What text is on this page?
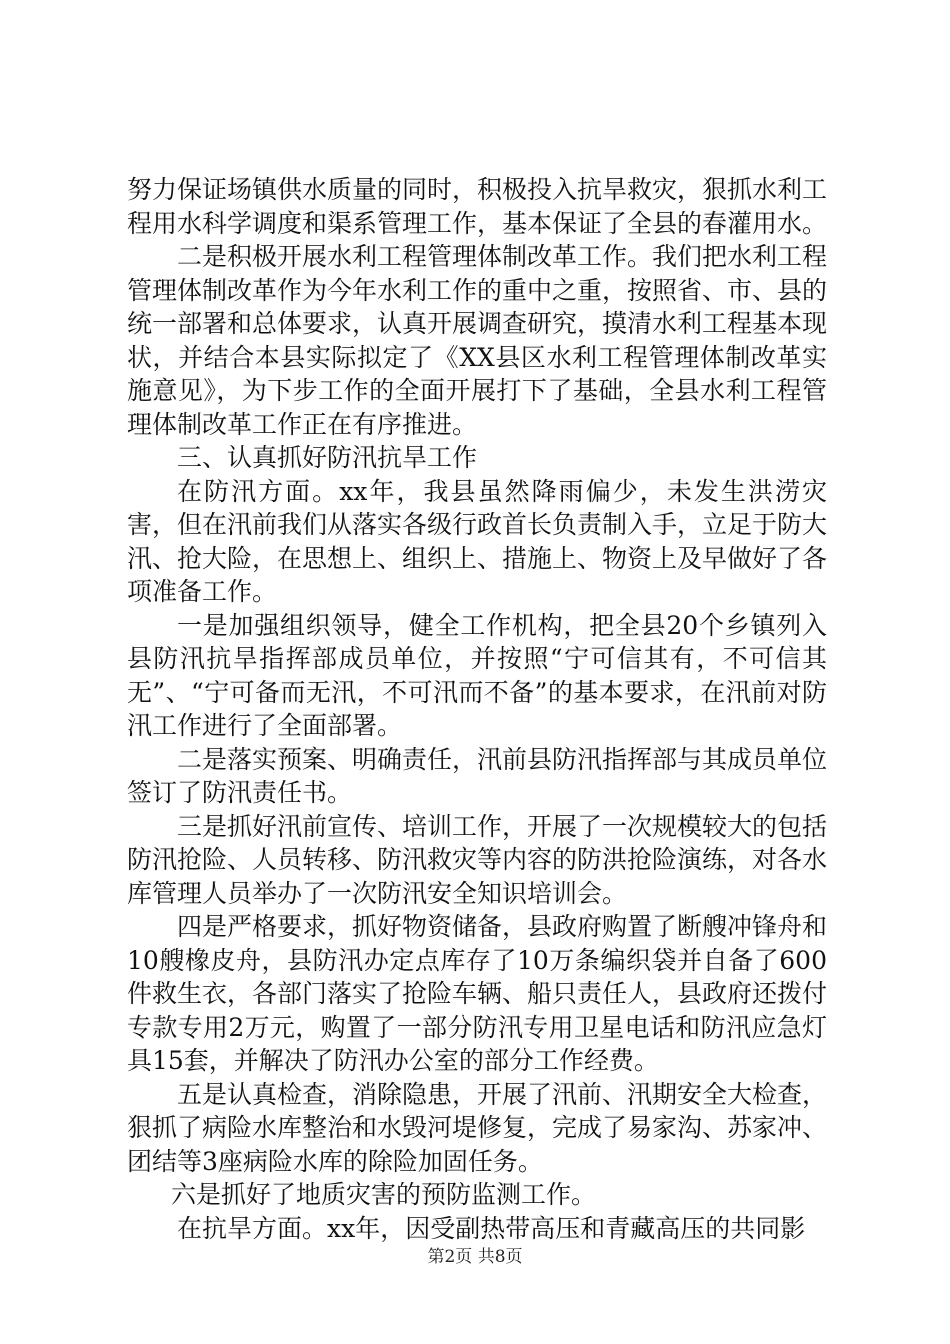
努力保证场镇供水质量的同时，积极投入抗旱救灾，狠抓水利工程用水科学调度和渠系管理工作，基本保证了全县的春灌用水。

二是积极开展水利工程管理体制改革工作。我们把水利工程管理体制改革作为今年水利工作的重中之重，按照省、市、县的统一部署和总体要求，认真开展调查研究，摸清水利工程基本现状，并结合本县实际拟定了《XX县区水利工程管理体制改革实施意见》，为下步工作的全面开展打下了基础，全县水利工程管理体制改革工作正在有序推进。

三、认真抓好防汛抗旱工作

在防汛方面。xx年，我县虽然降雨偏少，未发生洪涝灾害，但在汛前我们从落实各级行政首长负责制入手，立足于防大汛、抢大险，在思想上、组织上、措施上、物资上及早做好了各项准备工作。

一是加强组织领导，健全工作机构，把全县20个乡镇列入县防汛抗旱指挥部成员单位，并按照“宁可信其有，不可信其无”、“宁可备而无汛，不可汛而不备”的基本要求，在汛前对防汛工作进行了全面部署。

二是落实预案、明确责任，汛前县防汛指挥部与其成员单位签订了防汛责任书。

三是抓好汛前宣传、培训工作，开展了一次规模较大的包括防汛抢险、人员转移、防汛救灾等内容的防洪抢险演练，对各水库管理人员举办了一次防汛安全知识培训会。

四是严格要求，抓好物资储备，县政府购置了断艘冲锋舟和10艘橡皮舟，县防汛办定点库存了10万条编织袋并自备了600件救生衣，各部门落实了抢险车辆、船只责任人，县政府还拨付专款专用2万元，购置了一部分防汛专用卫星电话和防汛应急灯具15套，并解决了防汛办公室的部分工作经费。

五是认真检查，消除隐患，开展了汛前、汛期安全大检查，狠抓了病险水库整治和水毁河堤修复，完成了易家沟、苏家冲、团结等3座病险水库的除险加固任务。

六是抓好了地质灾害的预防监测工作。

在抗旱方面。xx年，因受副热带高压和青藏高压的共同影

第2页 共8页
